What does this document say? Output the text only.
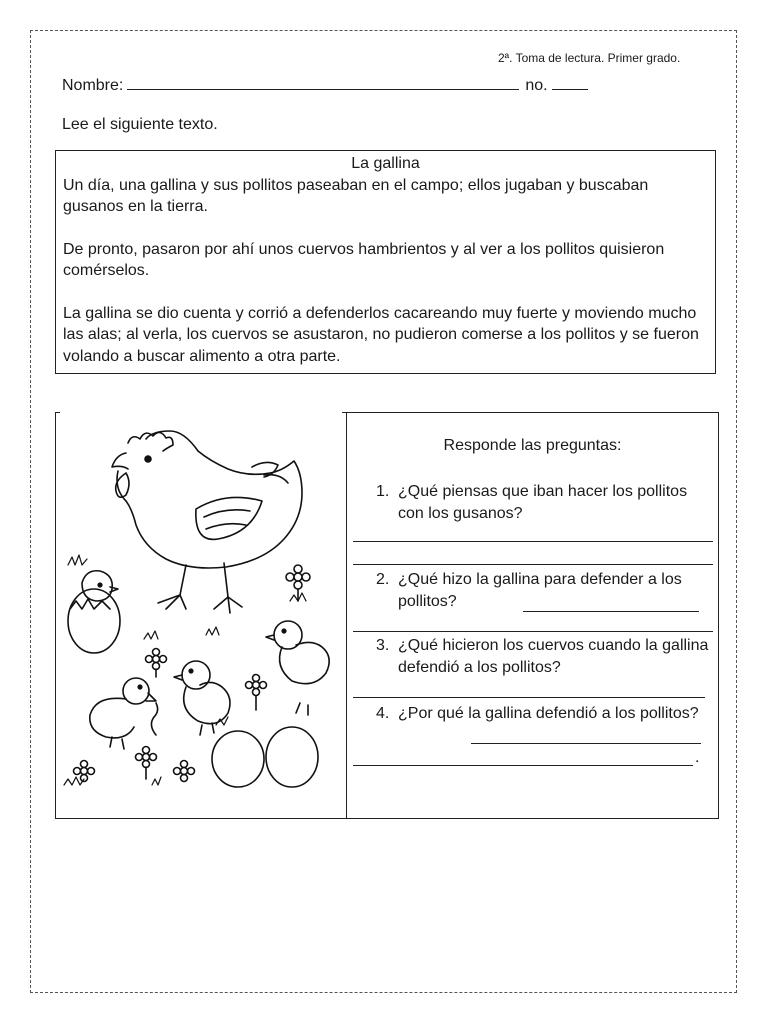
2ª. Toma de lectura. Primer grado.
Nombre:	no.
Lee el siguiente texto.
La gallina

Un día, una gallina y sus pollitos paseaban en el campo; ellos jugaban y buscaban gusanos en la tierra.

De pronto, pasaron por ahí unos cuervos hambrientos y al ver a los pollitos quisieron comérselos.

La gallina se dio cuenta y corrió a defenderlos cacareando muy fuerte y moviendo mucho las alas; al verla, los cuervos se asustaron, no pudieron comerse a los pollitos y se fueron volando a buscar alimento a otra parte.

Responde las preguntas:
1. ¿Qué piensas que iban hacer los pollitos con los gusanos?
2. ¿Qué hizo la gallina para defender a los pollitos?
3. ¿Qué hicieron los cuervos cuando la gallina defendió a los pollitos?
4. ¿Por qué la gallina defendió a los pollitos?
.
